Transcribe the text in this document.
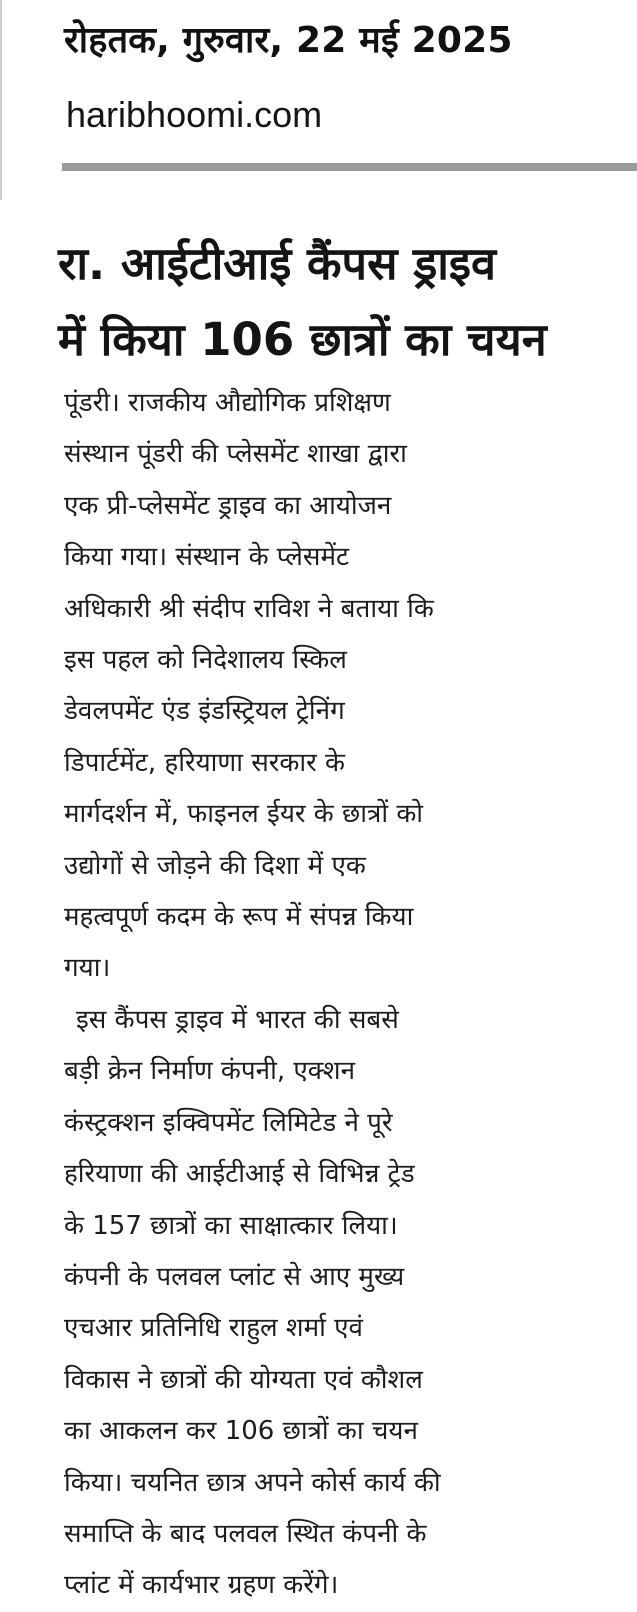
रोहतक, गुरुवार, 22 मई 2025
haribhoomi.com
रा. आईटीआई कैंपस ड्राइव
में किया 106 छात्रों का चयन
पूंडरी। राजकीय औद्योगिक प्रशिक्षण
संस्थान पूंडरी की प्लेसमेंट शाखा द्वारा
एक प्री-प्लेसमेंट ड्राइव का आयोजन
किया गया। संस्थान के प्लेसमेंट
अधिकारी श्री संदीप राविश ने बताया कि
इस पहल को निदेशालय स्किल
डेवलपमेंट एंड इंडस्ट्रियल ट्रेनिंग
डिपार्टमेंट, हरियाणा सरकार के
मार्गदर्शन में, फाइनल ईयर के छात्रों को
उद्योगों से जोड़ने की दिशा में एक
महत्वपूर्ण कदम के रूप में संपन्न किया
गया।
इस कैंपस ड्राइव में भारत की सबसे
बड़ी क्रेन निर्माण कंपनी, एक्शन
कंस्ट्रक्शन इक्विपमेंट लिमिटेड ने पूरे
हरियाणा की आईटीआई से विभिन्न ट्रेड
के 157 छात्रों का साक्षात्कार लिया।
कंपनी के पलवल प्लांट से आए मुख्य
एचआर प्रतिनिधि राहुल शर्मा एवं
विकास ने छात्रों की योग्यता एवं कौशल
का आकलन कर 106 छात्रों का चयन
किया। चयनित छात्र अपने कोर्स कार्य की
समाप्ति के बाद पलवल स्थित कंपनी के
प्लांट में कार्यभार ग्रहण करेंगे।
